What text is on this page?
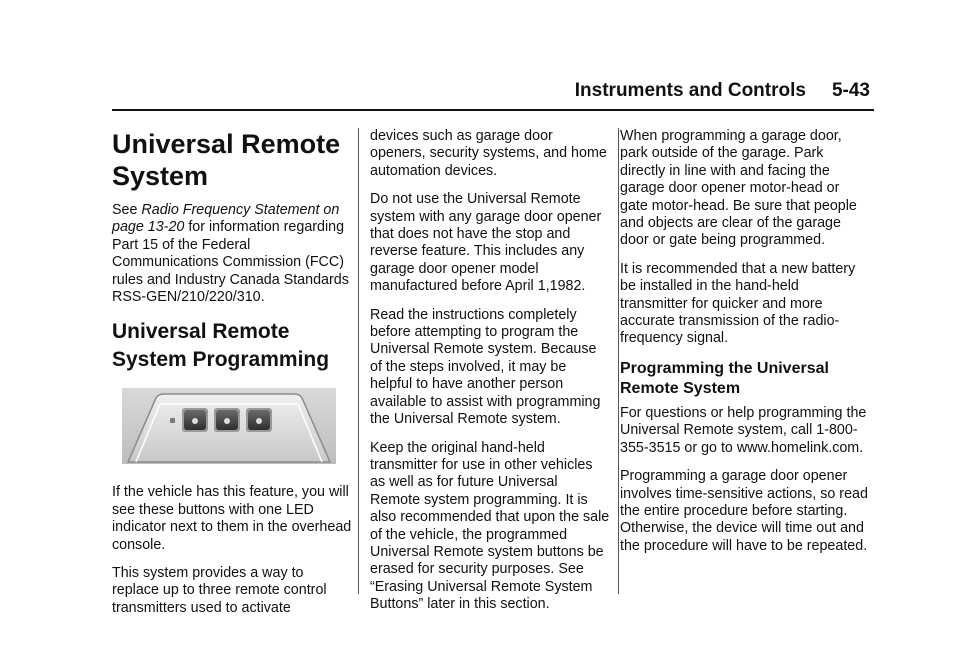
Instruments and Controls 5-43
Universal Remote System

See Radio Frequency Statement on page 13-20 for information regarding Part 15 of the Federal Communications Commission (FCC) rules and Industry Canada Standards RSS-GEN/210/220/310.

Universal Remote System Programming

If the vehicle has this feature, you will see these buttons with one LED indicator next to them in the overhead console.

This system provides a way to replace up to three remote control transmitters used to activate

devices such as garage door openers, security systems, and home automation devices.

Do not use the Universal Remote system with any garage door opener that does not have the stop and reverse feature. This includes any garage door opener model manufactured before April 1,1982.

Read the instructions completely before attempting to program the Universal Remote system. Because of the steps involved, it may be helpful to have another person available to assist with programming the Universal Remote system.

Keep the original hand-held transmitter for use in other vehicles as well as for future Universal Remote system programming. It is also recommended that upon the sale of the vehicle, the programmed Universal Remote system buttons be erased for security purposes. See “Erasing Universal Remote System Buttons” later in this section.

When programming a garage door, park outside of the garage. Park directly in line with and facing the garage door opener motor-head or gate motor-head. Be sure that people and objects are clear of the garage door or gate being programmed.

It is recommended that a new battery be installed in the hand-held transmitter for quicker and more accurate transmission of the radio-frequency signal.

Programming the Universal Remote System

For questions or help programming the Universal Remote system, call 1-800-355-3515 or go to www.homelink.com.

Programming a garage door opener involves time-sensitive actions, so read the entire procedure before starting. Otherwise, the device will time out and the procedure will have to be repeated.
